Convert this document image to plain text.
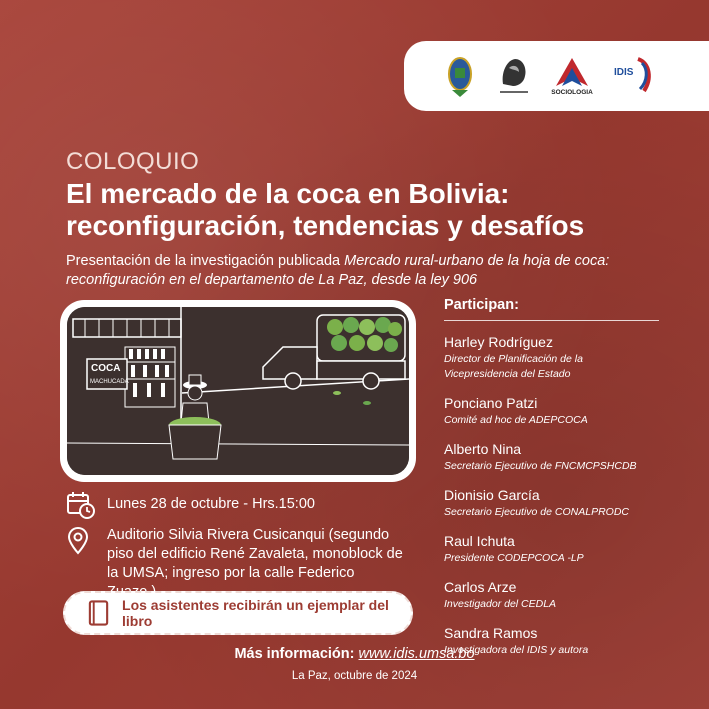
SOCIOLOGIA
IDIS
COLOQUIO
El mercado de la coca en Bolivia:
reconfiguración, tendencias y desafíos
Presentación de la investigación publicada Mercado rural-urbano de la hoja de coca: reconfiguración en el departamento de La Paz, desde la ley 906
COCA
MACHUCADA
Lunes 28 de octubre - Hrs.15:00
Auditorio Silvia Rivera Cusicanqui (segundo piso del edificio René Zavaleta, monoblock de la UMSA; ingreso por la calle Federico
Los asistentes recibirán un ejemplar del libro
Participan:
Harley Rodríguez
Director de Planificación de la Vicepresidencia del Estado
Ponciano Patzi
Comité ad hoc de ADEPCOCA
Alberto Nina
Secretario Ejecutivo de FNCMCPSHCDB
Dionisio García
Secretario Ejecutivo de CONALPRODC
Raul Ichuta
Presidente CODEPCOCA -LP
Carlos Arze
Investigador del CEDLA
Sandra Ramos
Investigadora del IDIS y autora
Más información: www.idis.umsa.bo
La Paz, octubre de 2024
